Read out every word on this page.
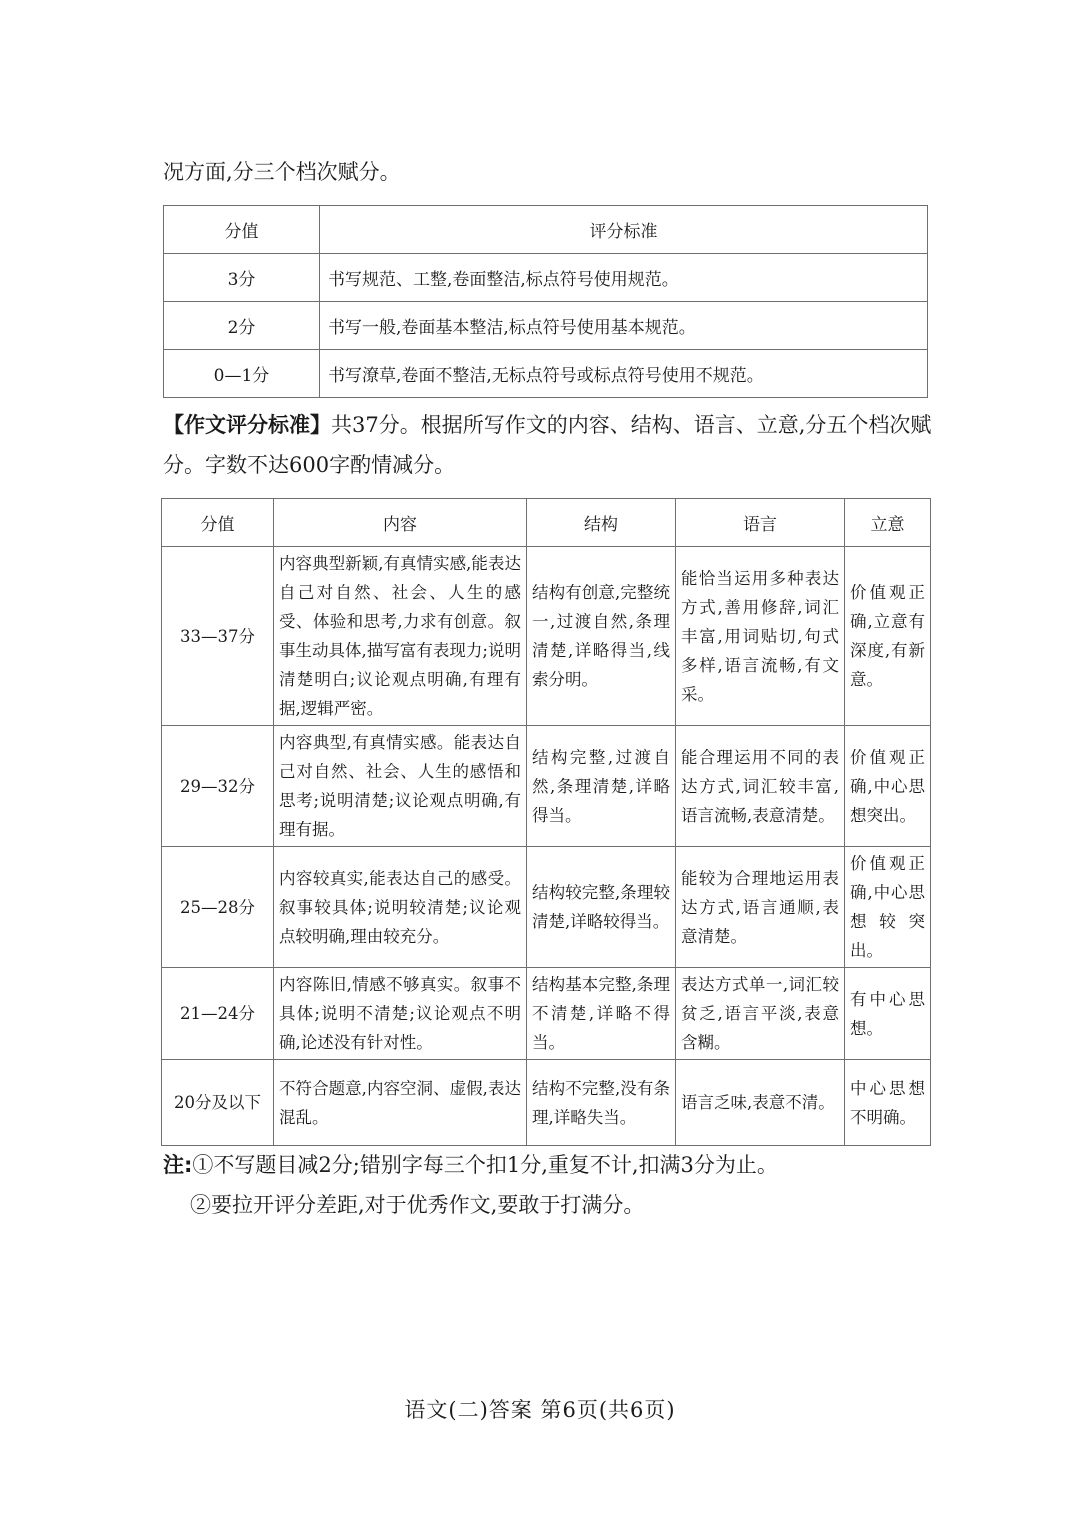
况方面,分三个档次赋分。
分值	评分标准
3分	书写规范、工整,卷面整洁,标点符号使用规范。
2分	书写一般,卷面基本整洁,标点符号使用基本规范。
0—1分	书写潦草,卷面不整洁,无标点符号或标点符号使用不规范。
【作文评分标准】共37分。根据所写作文的内容、结构、语言、立意,分五个档次赋分。字数不达600字酌情减分。
分值	内容	结构	语言	立意
33—37分	内容典型新颖,有真情实感,能表达自己对自然、社会、人生的感受、体验和思考,力求有创意。叙事生动具体,描写富有表现力;说明清楚明白;议论观点明确,有理有据,逻辑严密。	结构有创意,完整统一,过渡自然,条理清楚,详略得当,线索分明。	能恰当运用多种表达方式,善用修辞,词汇丰富,用词贴切,句式多样,语言流畅,有文采。	价值观正确,立意有深度,有新意。
29—32分	内容典型,有真情实感。能表达自己对自然、社会、人生的感悟和思考;说明清楚;议论观点明确,有理有据。	结构完整,过渡自然,条理清楚,详略得当。	能合理运用不同的表达方式,词汇较丰富,语言流畅,表意清楚。	价值观正确,中心思想突出。
25—28分	内容较真实,能表达自己的感受。叙事较具体;说明较清楚;议论观点较明确,理由较充分。	结构较完整,条理较清楚,详略较得当。	能较为合理地运用表达方式,语言通顺,表意清楚。	价值观正确,中心思想较突出。
21—24分	内容陈旧,情感不够真实。叙事不具体;说明不清楚;议论观点不明确,论述没有针对性。	结构基本完整,条理不清楚,详略不得当。	表达方式单一,词汇较贫乏,语言平淡,表意含糊。	有中心思想。
20分及以下	不符合题意,内容空洞、虚假,表达混乱。	结构不完整,没有条理,详略失当。	语言乏味,表意不清。	中心思想不明确。
注:①不写题目减2分;错别字每三个扣1分,重复不计,扣满3分为止。
②要拉开评分差距,对于优秀作文,要敢于打满分。
语文(二)答案 第6页(共6页)
